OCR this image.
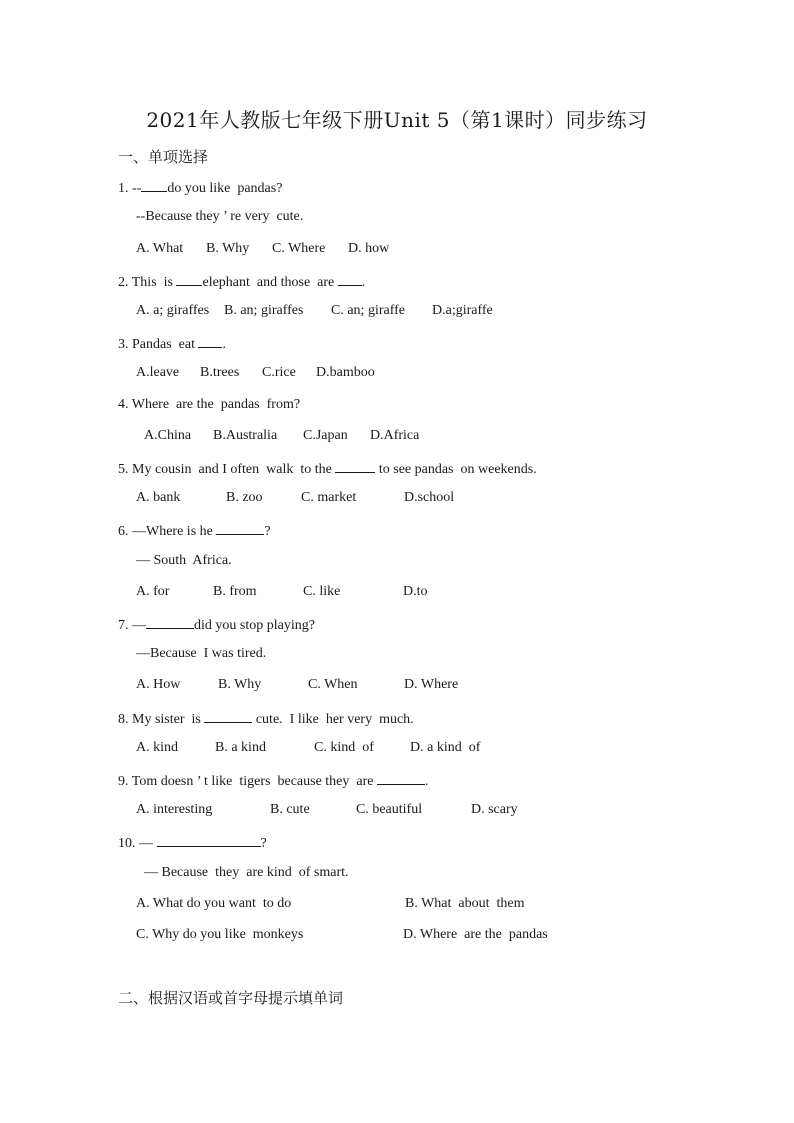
2021年人教版七年级下册Unit 5（第1课时）同步练习
一、单项选择
1. -- do you like  pandas?
--Because they ’ re very  cute.
A. What B. Why C. Where D. how
2. This  is elephant  and those  are .
A. a; giraffes B. an; giraffes C. an; giraffe D.a;giraffe
3. Pandas  eat .
A.leave B.trees C.rice D.bamboo
4. Where  are the  pandas  from?
A.China B.Australia C.Japan D.Africa
5. My cousin  and I often  walk  to the	to see pandas  on weekends.
A. bank	B. zoo	C. market	D.school
6. —Where is he	?
— South  Africa.
A. for	B. from	C. like	D.to
7. —	did you stop playing?
—Because  I was tired.
A. How	B. Why	C. When	D. Where
8. My sister  is	cute.  I like  her very  much.
A. kind	B. a kind	C. kind  of	D. a kind  of
9. Tom doesn ’ t like  tigers  because they  are	.
A. interesting	B. cute	C. beautiful	D. scary
10. —	?
— Because  they  are kind  of smart.
A. What do you want  to do	B. What  about  them
C. Why do you like  monkeys	D. Where  are the  pandas
二、根据汉语或首字母提示填单词
